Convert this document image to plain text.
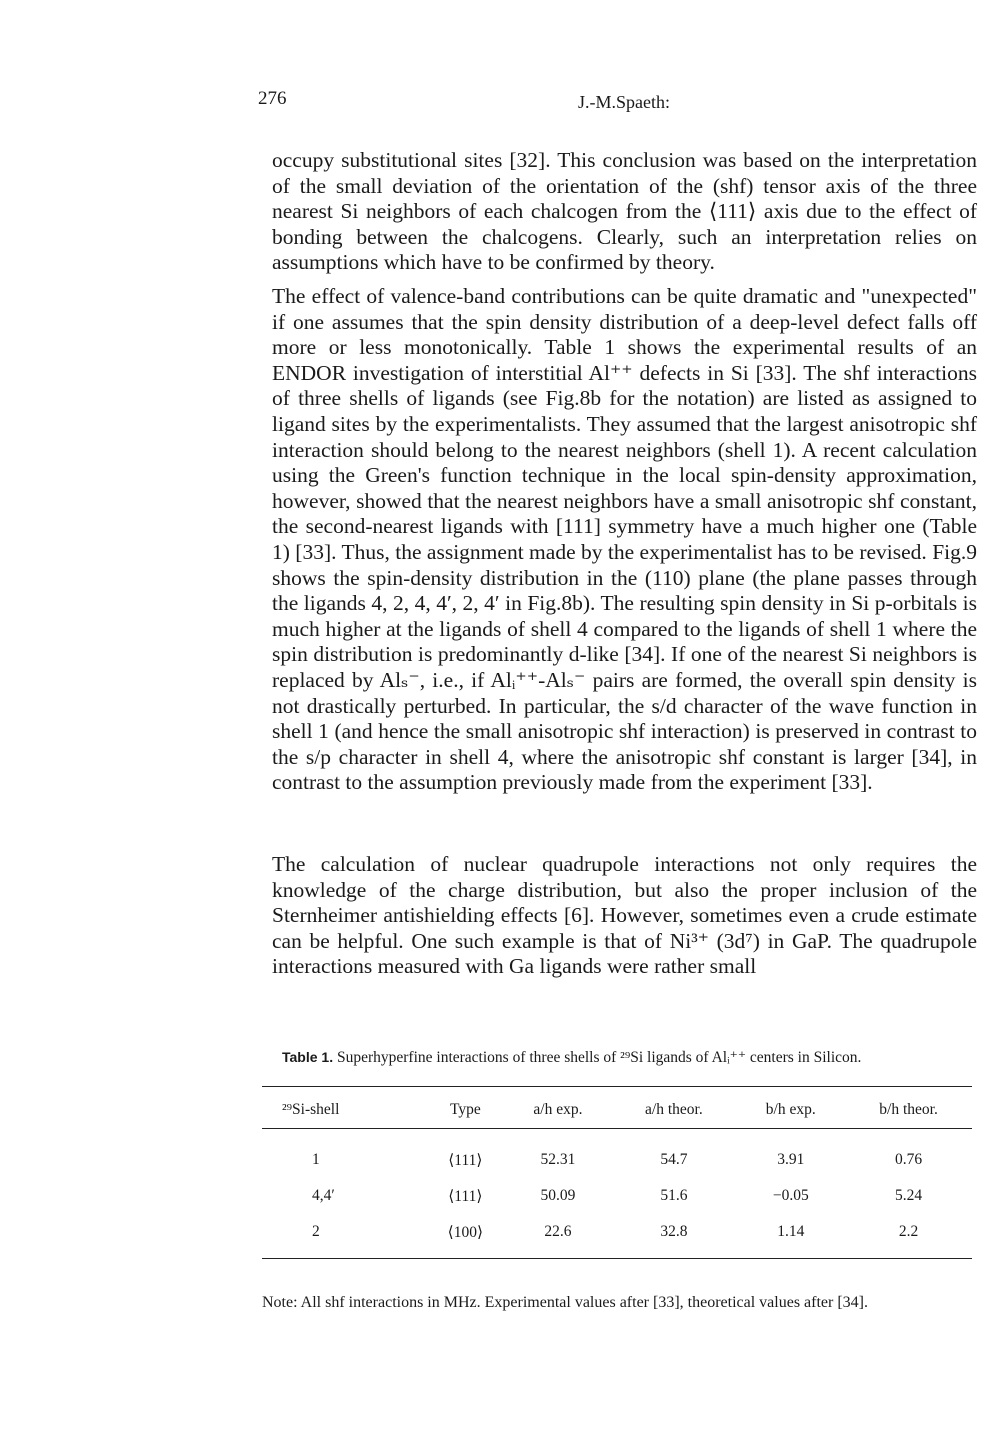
276	J.-M.Spaeth:

occupy substitutional sites [32]. This conclusion was based on the interpretation of the small deviation of the orientation of the (shf) tensor axis of the three nearest Si neighbors of each chalcogen from the ⟨111⟩ axis due to the effect of bonding between the chalcogens. Clearly, such an interpretation relies on assumptions which have to be confirmed by theory.

The effect of valence-band contributions can be quite dramatic and "unexpected" if one assumes that the spin density distribution of a deep-level defect falls off more or less monotonically. Table 1 shows the experimental results of an ENDOR investigation of interstitial Al⁺⁺ defects in Si [33]. The shf interactions of three shells of ligands (see Fig.8b for the notation) are listed as assigned to ligand sites by the experimentalists. They assumed that the largest anisotropic shf interaction should belong to the nearest neighbors (shell 1). A recent calculation using the Green's function technique in the local spin-density approximation, however, showed that the nearest neighbors have a small anisotropic shf constant, the second-nearest ligands with [111] symmetry have a much higher one (Table 1) [33]. Thus, the assignment made by the experimentalist has to be revised. Fig.9 shows the spin-density distribution in the (110) plane (the plane passes through the ligands 4, 2, 4, 4′, 2, 4′ in Fig.8b). The resulting spin density in Si p-orbitals is much higher at the ligands of shell 4 compared to the ligands of shell 1 where the spin distribution is predominantly d-like [34]. If one of the nearest Si neighbors is replaced by Alₛ⁻, i.e., if Alᵢ⁺⁺-Alₛ⁻ pairs are formed, the overall spin density is not drastically perturbed. In particular, the s/d character of the wave function in shell 1 (and hence the small anisotropic shf interaction) is preserved in contrast to the s/p character in shell 4, where the anisotropic shf constant is larger [34], in contrast to the assumption previously made from the experiment [33].

The calculation of nuclear quadrupole interactions not only requires the knowledge of the charge distribution, but also the proper inclusion of the Sternheimer antishielding effects [6]. However, sometimes even a crude estimate can be helpful. One such example is that of Ni³⁺ (3d⁷) in GaP. The quadrupole interactions measured with Ga ligands were rather small

Table 1. Superhyperfine interactions of three shells of ²⁹Si ligands of Alᵢ⁺⁺ centers in Silicon.
²⁹Si-shell	Type	a/h exp.	a/h theor.	b/h exp.	b/h theor.
1	⟨111⟩	52.31	54.7	3.91	0.76
4,4′	⟨111⟩	50.09	51.6	−0.05	5.24
2	⟨100⟩	22.6	32.8	1.14	2.2
Note: All shf interactions in MHz. Experimental values after [33], theoretical values after [34].
